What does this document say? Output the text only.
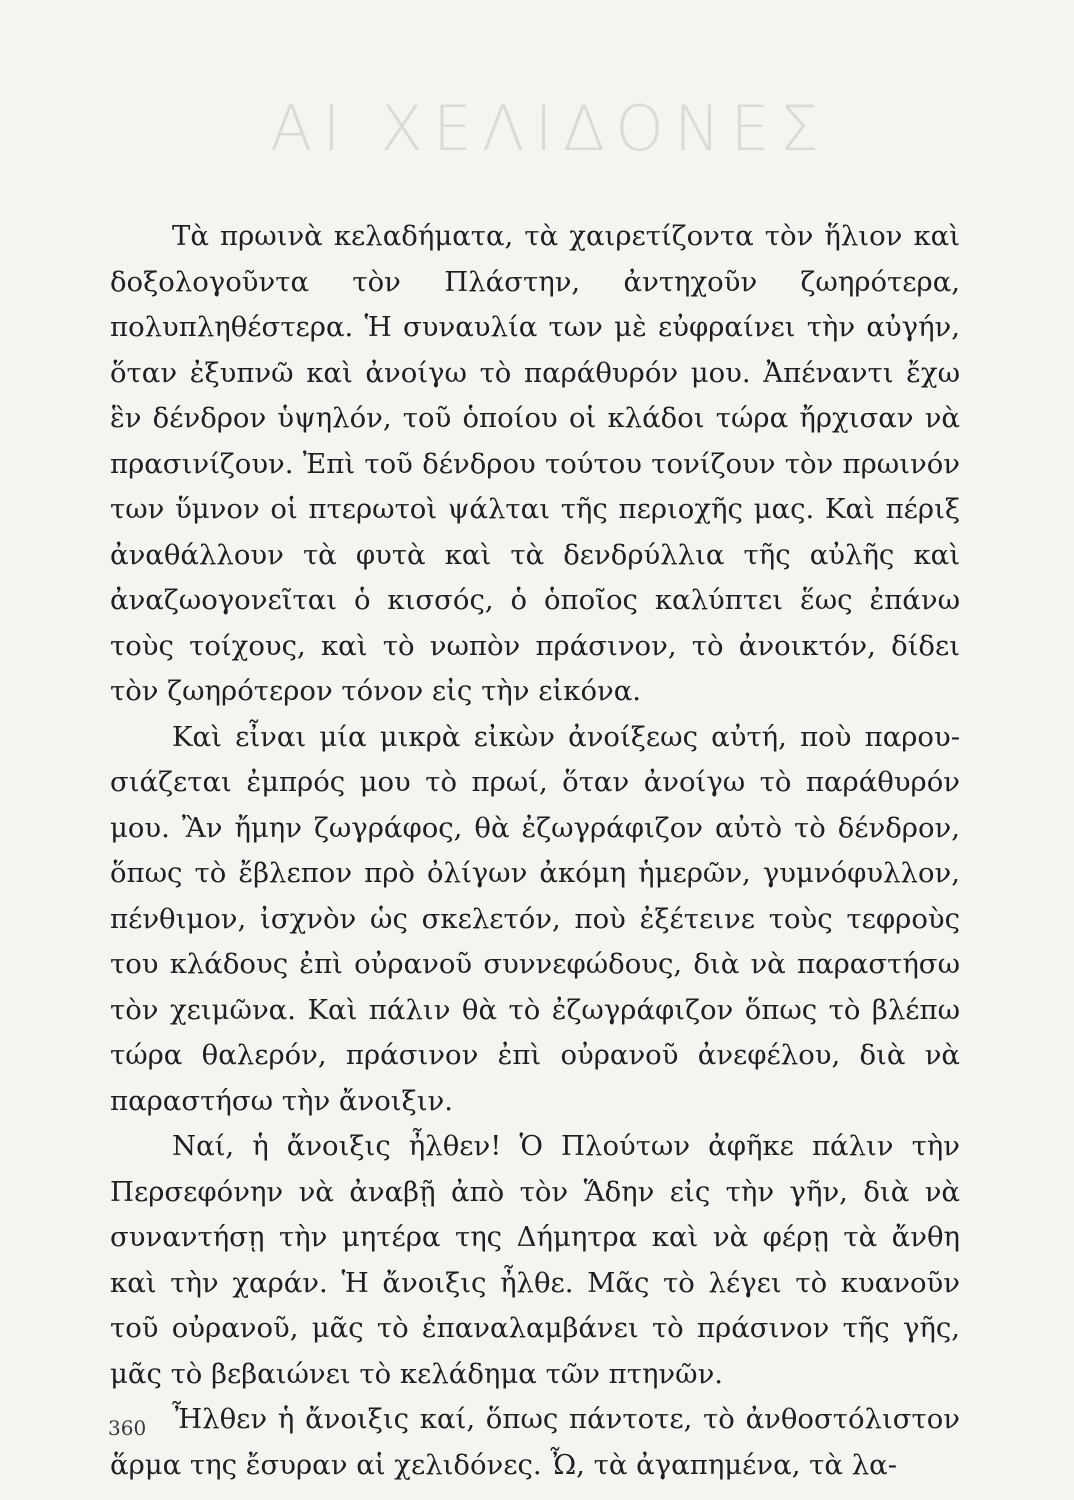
ΑΙ ΧΕΛΙΔΟΝΕΣ

Τὰ πρωινὰ κελαδήματα, τὰ χαιρετίζοντα τὸν ἥλιον καὶ δοξολογοῦντα τὸν Πλάστην, ἀντηχοῦν ζωηρότερα, πολυπληθέστερα. Ἡ συναυλία των μὲ εὐφραίνει τὴν αὐγήν, ὅταν ἐξυπνῶ καὶ ἀνοίγω τὸ παράθυρόν μου. Ἀπέναντι ἔχω ἓν δένδρον ὑψηλόν, τοῦ ὁποίου οἱ κλάδοι τώρα ἤρχισαν νὰ πρασινίζουν. Ἐπὶ τοῦ δένδρου τούτου τονίζουν τὸν πρωινόν των ὕμνον οἱ πτερωτοὶ ψάλται τῆς περιοχῆς μας. Καὶ πέριξ ἀναθάλλουν τὰ φυτὰ καὶ τὰ δενδρύλλια τῆς αὐλῆς καὶ ἀναζωογονεῖται ὁ κισσός, ὁ ὁποῖος καλύπτει ἕως ἐπάνω τοὺς τοίχους, καὶ τὸ νωπὸν πράσινον, τὸ ἀνοικτόν, δίδει τὸν ζωηρότερον τόνον εἰς τὴν εἰκόνα.

Καὶ εἶναι μία μικρὰ εἰκὼν ἀνοίξεως αὐτή, ποὺ παρουσιάζεται ἐμπρός μου τὸ πρωί, ὅταν ἀνοίγω τὸ παράθυρόν μου. Ἂν ἤμην ζωγράφος, θὰ ἐζωγράφιζον αὐτὸ τὸ δένδρον, ὅπως τὸ ἔβλεπον πρὸ ὀλίγων ἀκόμη ἡμερῶν, γυμνόφυλλον, πένθιμον, ἰσχνὸν ὡς σκελετόν, ποὺ ἐξέτεινε τοὺς τεφροὺς του κλάδους ἐπὶ οὐρανοῦ συννεφώδους, διὰ νὰ παραστήσω τὸν χειμῶνα. Καὶ πάλιν θὰ τὸ ἐζωγράφιζον ὅπως τὸ βλέπω τώρα θαλερόν, πράσινον ἐπὶ οὐρανοῦ ἀνεφέλου, διὰ νὰ παραστήσω τὴν ἄνοιξιν.

Ναί, ἡ ἄνοιξις ἦλθεν! Ὁ Πλούτων ἀφῆκε πάλιν τὴν Περσεφόνην νὰ ἀναβῇ ἀπὸ τὸν Ἅδην εἰς τὴν γῆν, διὰ νὰ συναντήσῃ τὴν μητέρα της Δήμητρα καὶ νὰ φέρῃ τὰ ἄνθη καὶ τὴν χαράν. Ἡ ἄνοιξις ἦλθε. Μᾶς τὸ λέγει τὸ κυανοῦν τοῦ οὐρανοῦ, μᾶς τὸ ἐπαναλαμβάνει τὸ πράσινον τῆς γῆς, μᾶς τὸ βεβαιώνει τὸ κελάδημα τῶν πτηνῶν.

Ἦλθεν ἡ ἄνοιξις καί, ὅπως πάντοτε, τὸ ἀνθοστόλιστον ἅρμα της ἔσυραν αἱ χελιδόνες. Ὦ, τὰ ἀγαπημένα, τὰ λα-

360
